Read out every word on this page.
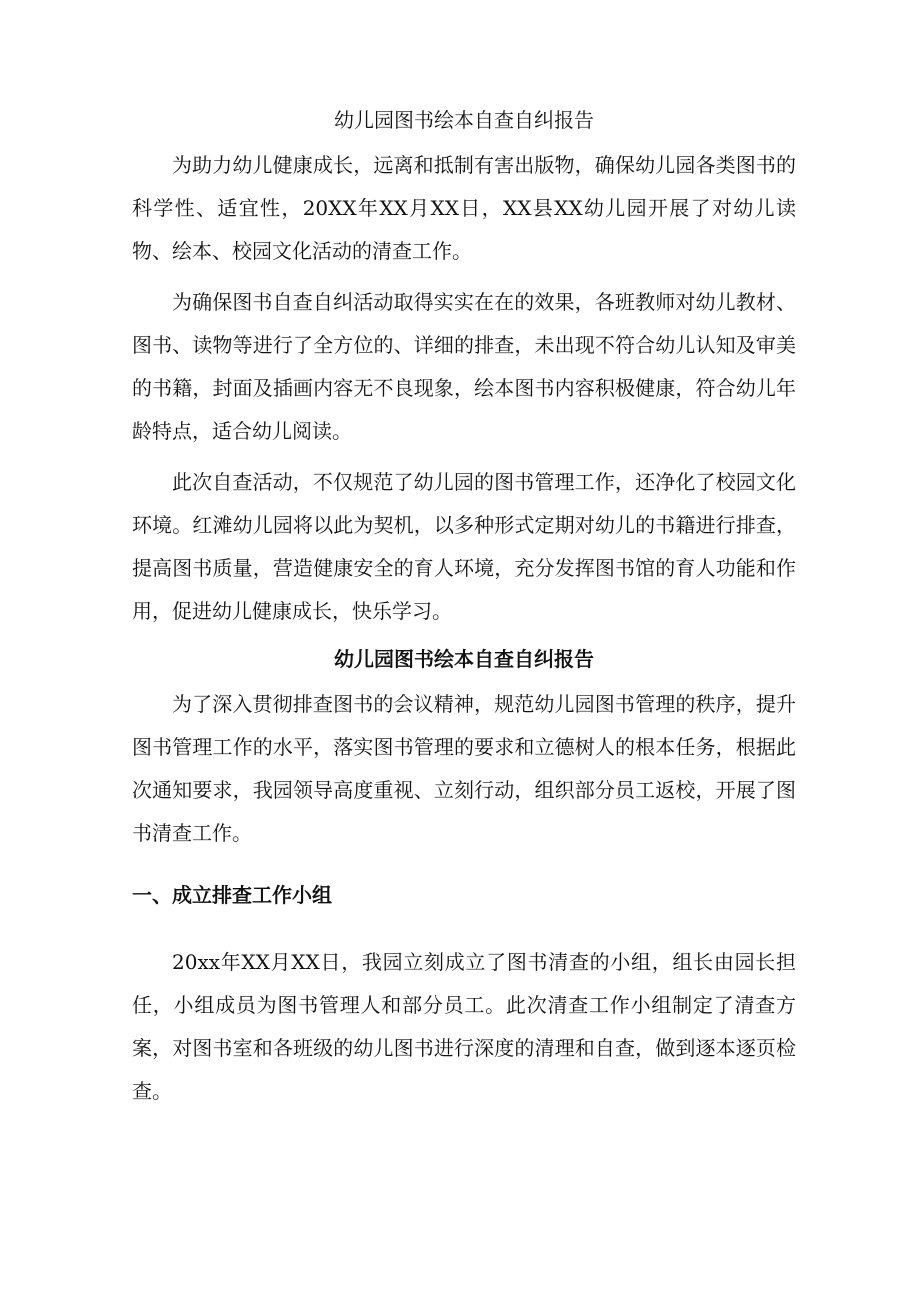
幼儿园图书绘本自查自纠报告

为助力幼儿健康成长，远离和抵制有害出版物，确保幼儿园各类图书的科学性、适宜性，20XX年XX月XX日，XX县XX幼儿园开展了对幼儿读物、绘本、校园文化活动的清查工作。

为确保图书自查自纠活动取得实实在在的效果，各班教师对幼儿教材、图书、读物等进行了全方位的、详细的排查，未出现不符合幼儿认知及审美的书籍，封面及插画内容无不良现象，绘本图书内容积极健康，符合幼儿年龄特点，适合幼儿阅读。

此次自查活动，不仅规范了幼儿园的图书管理工作，还净化了校园文化环境。红滩幼儿园将以此为契机，以多种形式定期对幼儿的书籍进行排查，提高图书质量，营造健康安全的育人环境，充分发挥图书馆的育人功能和作用，促进幼儿健康成长，快乐学习。

幼儿园图书绘本自查自纠报告

为了深入贯彻排查图书的会议精神，规范幼儿园图书管理的秩序，提升图书管理工作的水平，落实图书管理的要求和立德树人的根本任务，根据此次通知要求，我园领导高度重视、立刻行动，组织部分员工返校，开展了图书清查工作。

一、成立排查工作小组

20xx年XX月XX日，我园立刻成立了图书清查的小组，组长由园长担任，小组成员为图书管理人和部分员工。此次清查工作小组制定了清查方案，对图书室和各班级的幼儿图书进行深度的清理和自查，做到逐本逐页检查。
